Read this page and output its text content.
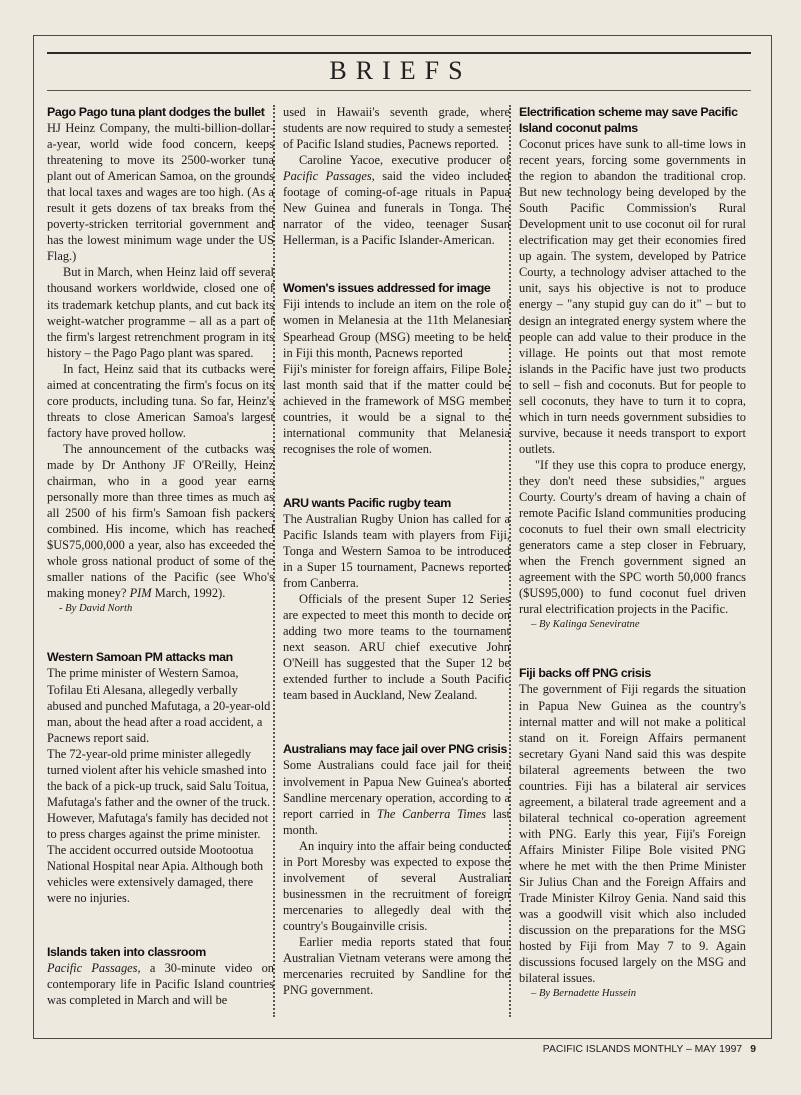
BRIEFS
Pago Pago tuna plant dodges the bullet

HJ Heinz Company, the multi-billion-dollar-a-year, world wide food concern, keeps threatening to move its 2500-worker tuna plant out of American Samoa, on the grounds that local taxes and wages are too high. (As a result it gets dozens of tax breaks from the poverty-stricken territorial government and has the lowest minimum wage under the US Flag.)

But in March, when Heinz laid off several thousand workers worldwide, closed one of its trademark ketchup plants, and cut back its weight-watcher programme – all as a part of the firm's largest retrenchment program in its history – the Pago Pago plant was spared.

In fact, Heinz said that its cutbacks were aimed at concentrating the firm's focus on its core products, including tuna. So far, Heinz's threats to close American Samoa's largest factory have proved hollow.

The announcement of the cutbacks was made by Dr Anthony JF O'Reilly, Heinz chairman, who in a good year earns personally more than three times as much as all 2500 of his firm's Samoan fish packers combined. His income, which has reached $US75,000,000 a year, also has exceeded the whole gross national product of some of the smaller nations of the Pacific (see Who's making money? PIM March, 1992).

- By David North

Western Samoan PM attacks man

The prime minister of Western Samoa, Tofilau Eti Alesana, allegedly verbally abused and punched Mafutaga, a 20-year-old man, about the head after a road accident, a Pacnews report said.

The 72-year-old prime minister allegedly turned violent after his vehicle smashed into the back of a pick-up truck, said Salu Toitua, Mafutaga's father and the owner of the truck. However, Mafutaga's family has decided not to press charges against the prime minister. The accident occurred outside Mootootua National Hospital near Apia. Although both vehicles were extensively damaged, there were no injuries.

Islands taken into classroom

Pacific Passages, a 30-minute video on contemporary life in Pacific Island countries was completed in March and will be

used in Hawaii's seventh grade, where students are now required to study a semester of Pacific Island studies, Pacnews reported.

Caroline Yacoe, executive producer of Pacific Passages, said the video included footage of coming-of-age rituals in Papua New Guinea and funerals in Tonga. The narrator of the video, teenager Susan Hellerman, is a Pacific Islander-American.

Women's issues addressed for image

Fiji intends to include an item on the role of women in Melanesia at the 11th Melanesian Spearhead Group (MSG) meeting to be held in Fiji this month, Pacnews reported

Fiji's minister for foreign affairs, Filipe Bole, last month said that if the matter could be achieved in the framework of MSG member countries, it would be a signal to the international community that Melanesia recognises the role of women.

ARU wants Pacific rugby team

The Australian Rugby Union has called for a Pacific Islands team with players from Fiji, Tonga and Western Samoa to be introduced in a Super 15 tournament, Pacnews reported from Canberra.

Officials of the present Super 12 Series are expected to meet this month to decide on adding two more teams to the tournament next season. ARU chief executive John O'Neill has suggested that the Super 12 be extended further to include a South Pacific team based in Auckland, New Zealand.

Australians may face jail over PNG crisis

Some Australians could face jail for their involvement in Papua New Guinea's aborted Sandline mercenary operation, according to a report carried in The Canberra Times last month.

An inquiry into the affair being conducted in Port Moresby was expected to expose the involvement of several Australian businessmen in the recruitment of foreign mercenaries to allegedly deal with the country's Bougainville crisis.

Earlier media reports stated that four Australian Vietnam veterans were among the mercenaries recruited by Sandline for the PNG government.

Electrification scheme may save Pacific Island coconut palms

Coconut prices have sunk to all-time lows in recent years, forcing some governments in the region to abandon the traditional crop. But new technology being developed by the South Pacific Commission's Rural Development unit to use coconut oil for rural electrification may get their economies fired up again. The system, developed by Patrice Courty, a technology adviser attached to the unit, says his objective is not to produce energy – "any stupid guy can do it" – but to design an integrated energy system where the people can add value to their produce in the village. He points out that most remote islands in the Pacific have just two products to sell – fish and coconuts. But for people to sell coconuts, they have to turn it to copra, which in turn needs government subsidies to survive, because it needs transport to export outlets.

"If they use this copra to produce energy, they don't need these subsidies," argues Courty. Courty's dream of having a chain of remote Pacific Island communities producing coconuts to fuel their own small electricity generators came a step closer in February, when the French government signed an agreement with the SPC worth 50,000 francs ($US95,000) to fund coconut fuel driven rural electrification projects in the Pacific.

– By Kalinga Seneviratne

Fiji backs off PNG crisis

The government of Fiji regards the situation in Papua New Guinea as the country's internal matter and will not make a political stand on it. Foreign Affairs permanent secretary Gyani Nand said this was despite bilateral agreements between the two countries. Fiji has a bilateral air services agreement, a bilateral trade agreement and a bilateral technical co-operation agreement with PNG. Early this year, Fiji's Foreign Affairs Minister Filipe Bole visited PNG where he met with the then Prime Minister Sir Julius Chan and the Foreign Affairs and Trade Minister Kilroy Genia. Nand said this was a goodwill visit which also included discussion on the preparations for the MSG hosted by Fiji from May 7 to 9. Again discussions focused largely on the MSG and bilateral issues.

– By Bernadette Hussein

PACIFIC ISLANDS MONTHLY – MAY 1997 9
